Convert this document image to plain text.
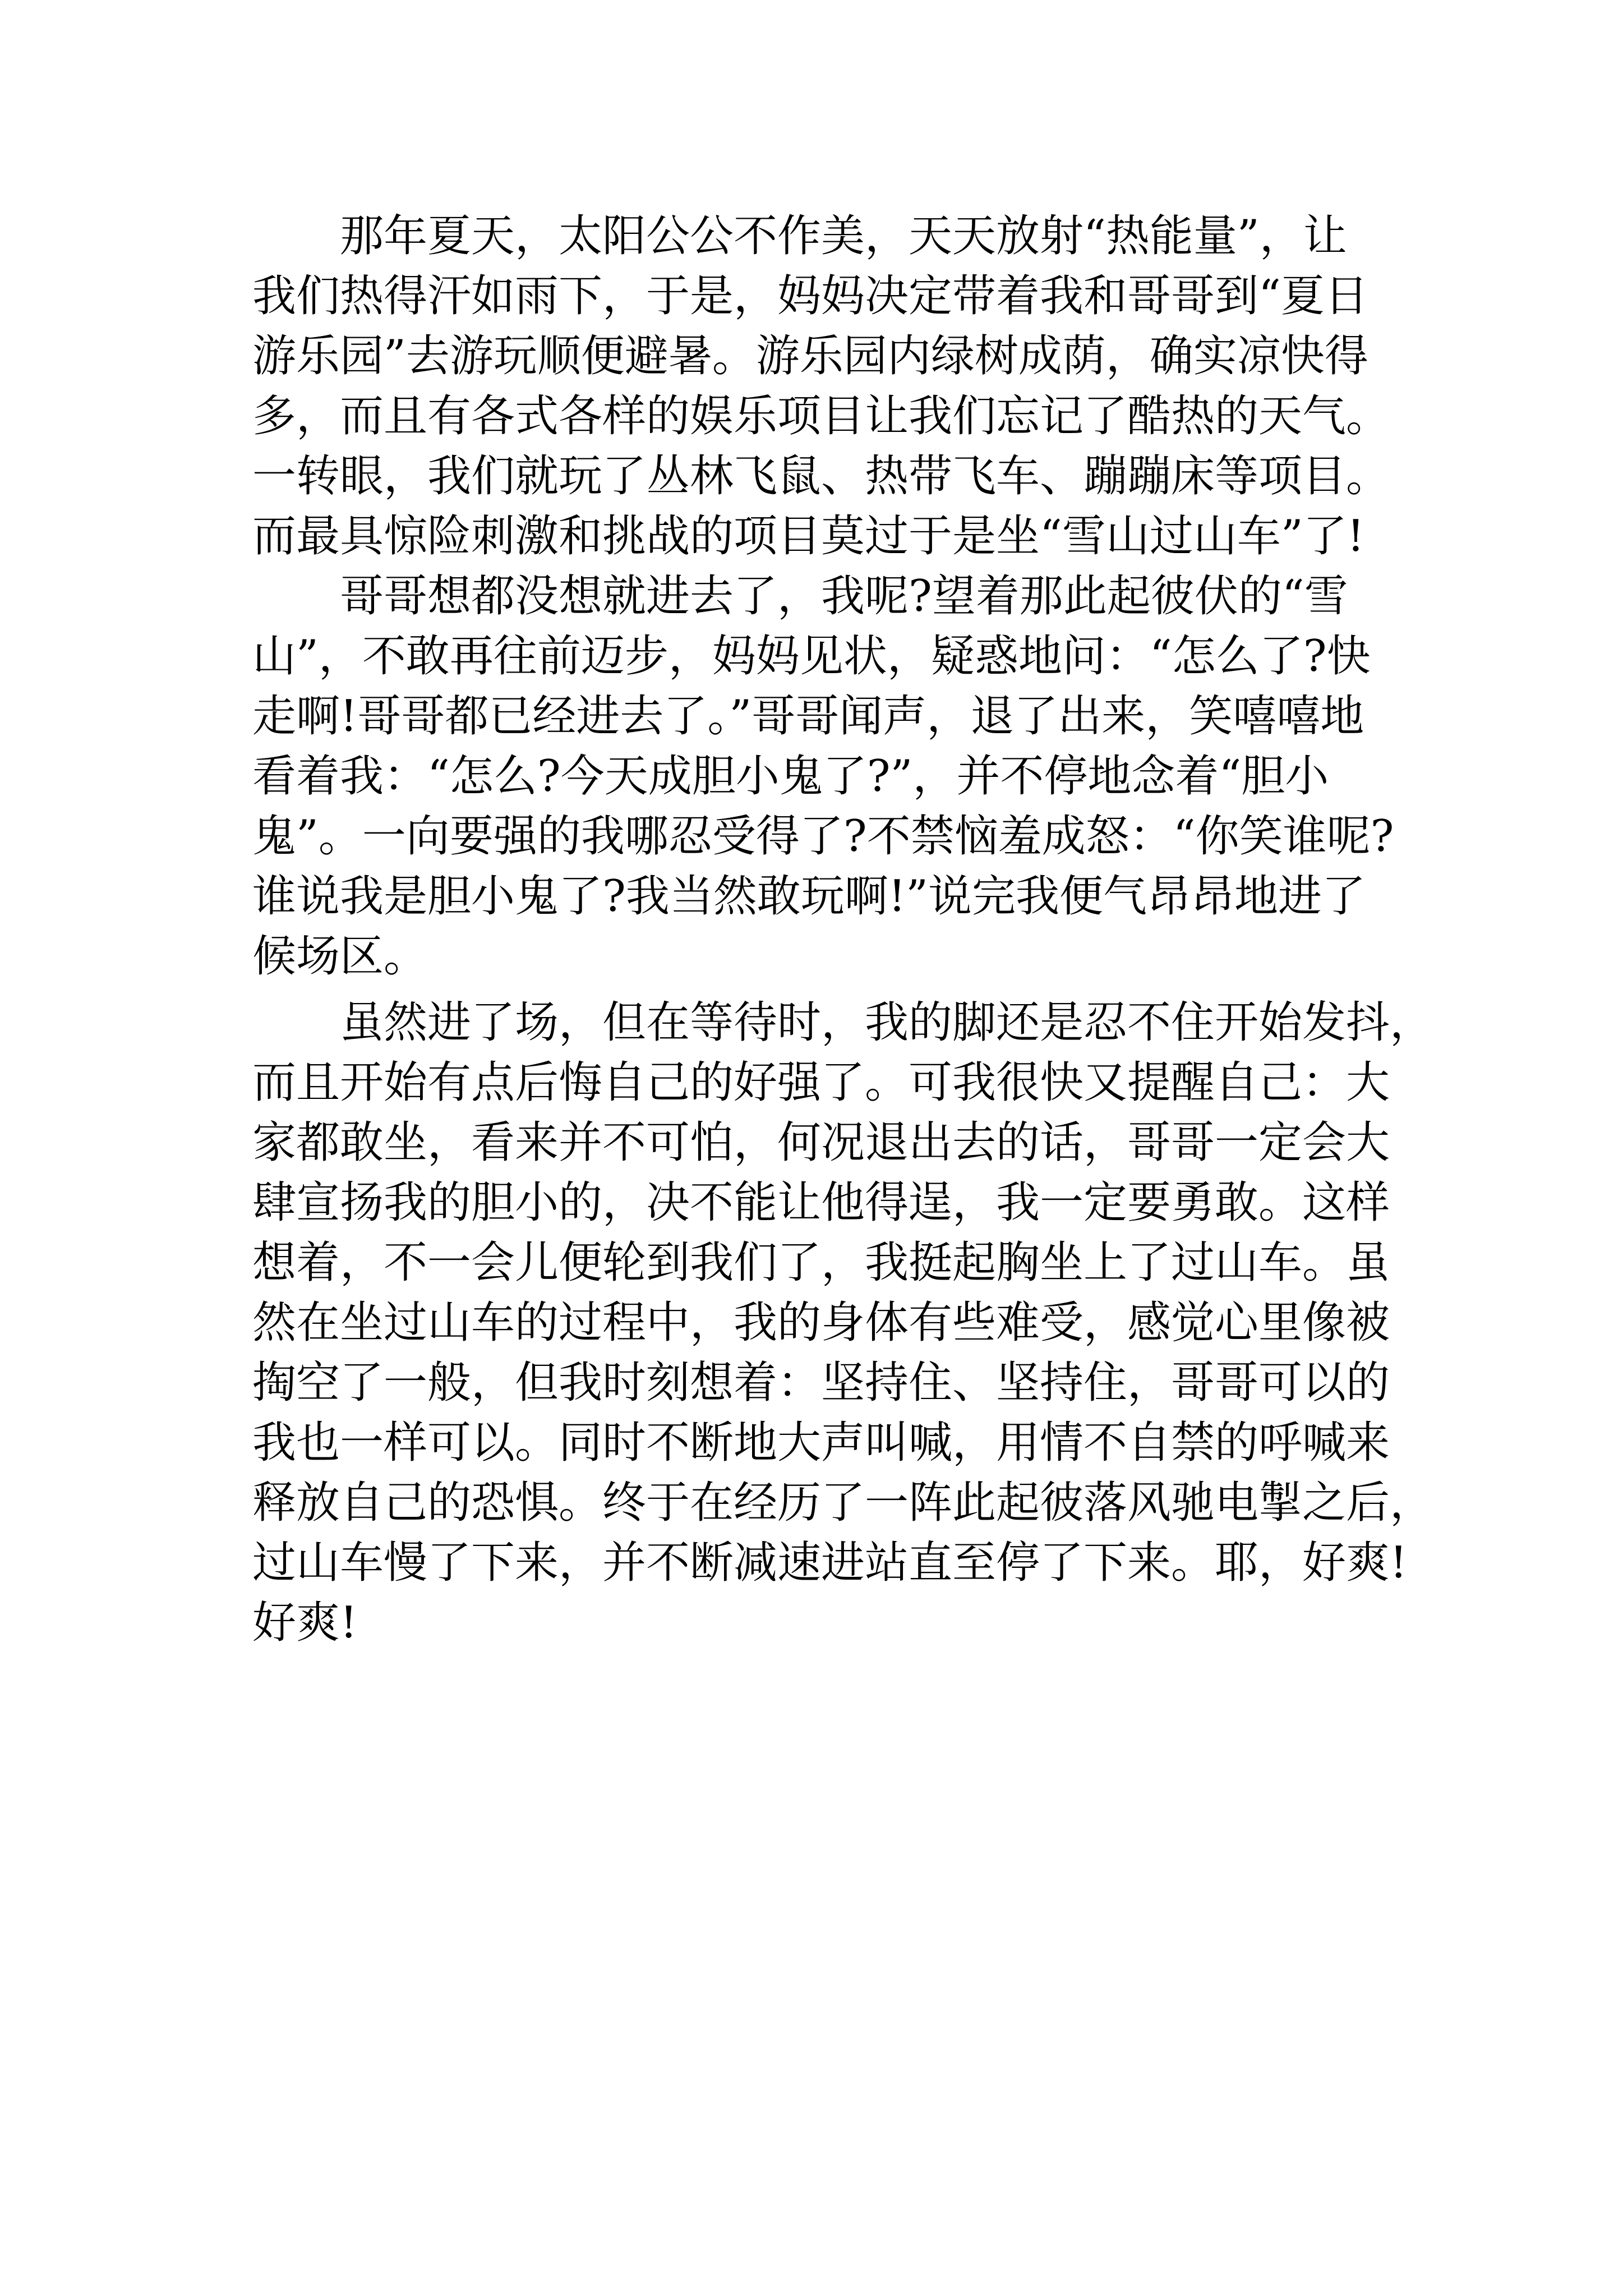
　　那年夏天，太阳公公不作美，天天放射“热能量”，让
我们热得汗如雨下，于是，妈妈决定带着我和哥哥到“夏日
游乐园”去游玩顺便避暑。游乐园内绿树成荫，确实凉快得
多，而且有各式各样的娱乐项目让我们忘记了酷热的天气。
一转眼，我们就玩了丛林飞鼠、热带飞车、蹦蹦床等项目。
而最具惊险刺激和挑战的项目莫过于是坐“雪山过山车”了!
　　哥哥想都没想就进去了，我呢?望着那此起彼伏的“雪
山”，不敢再往前迈步，妈妈见状，疑惑地问：“怎么了?快
走啊!哥哥都已经进去了。”哥哥闻声，退了出来，笑嘻嘻地
看着我：“怎么?今天成胆小鬼了?”，并不停地念着“胆小
鬼”。一向要强的我哪忍受得了?不禁恼羞成怒：“你笑谁呢?
谁说我是胆小鬼了?我当然敢玩啊!”说完我便气昂昂地进了
候场区。
　　虽然进了场，但在等待时，我的脚还是忍不住开始发抖，
而且开始有点后悔自己的好强了。可我很快又提醒自己：大
家都敢坐，看来并不可怕，何况退出去的话，哥哥一定会大
肆宣扬我的胆小的，决不能让他得逞，我一定要勇敢。这样
想着，不一会儿便轮到我们了，我挺起胸坐上了过山车。虽
然在坐过山车的过程中，我的身体有些难受，感觉心里像被
掏空了一般，但我时刻想着：坚持住、坚持住，哥哥可以的
我也一样可以。同时不断地大声叫喊，用情不自禁的呼喊来
释放自己的恐惧。终于在经历了一阵此起彼落风驰电掣之后，
过山车慢了下来，并不断减速进站直至停了下来。耶，好爽!
好爽!
